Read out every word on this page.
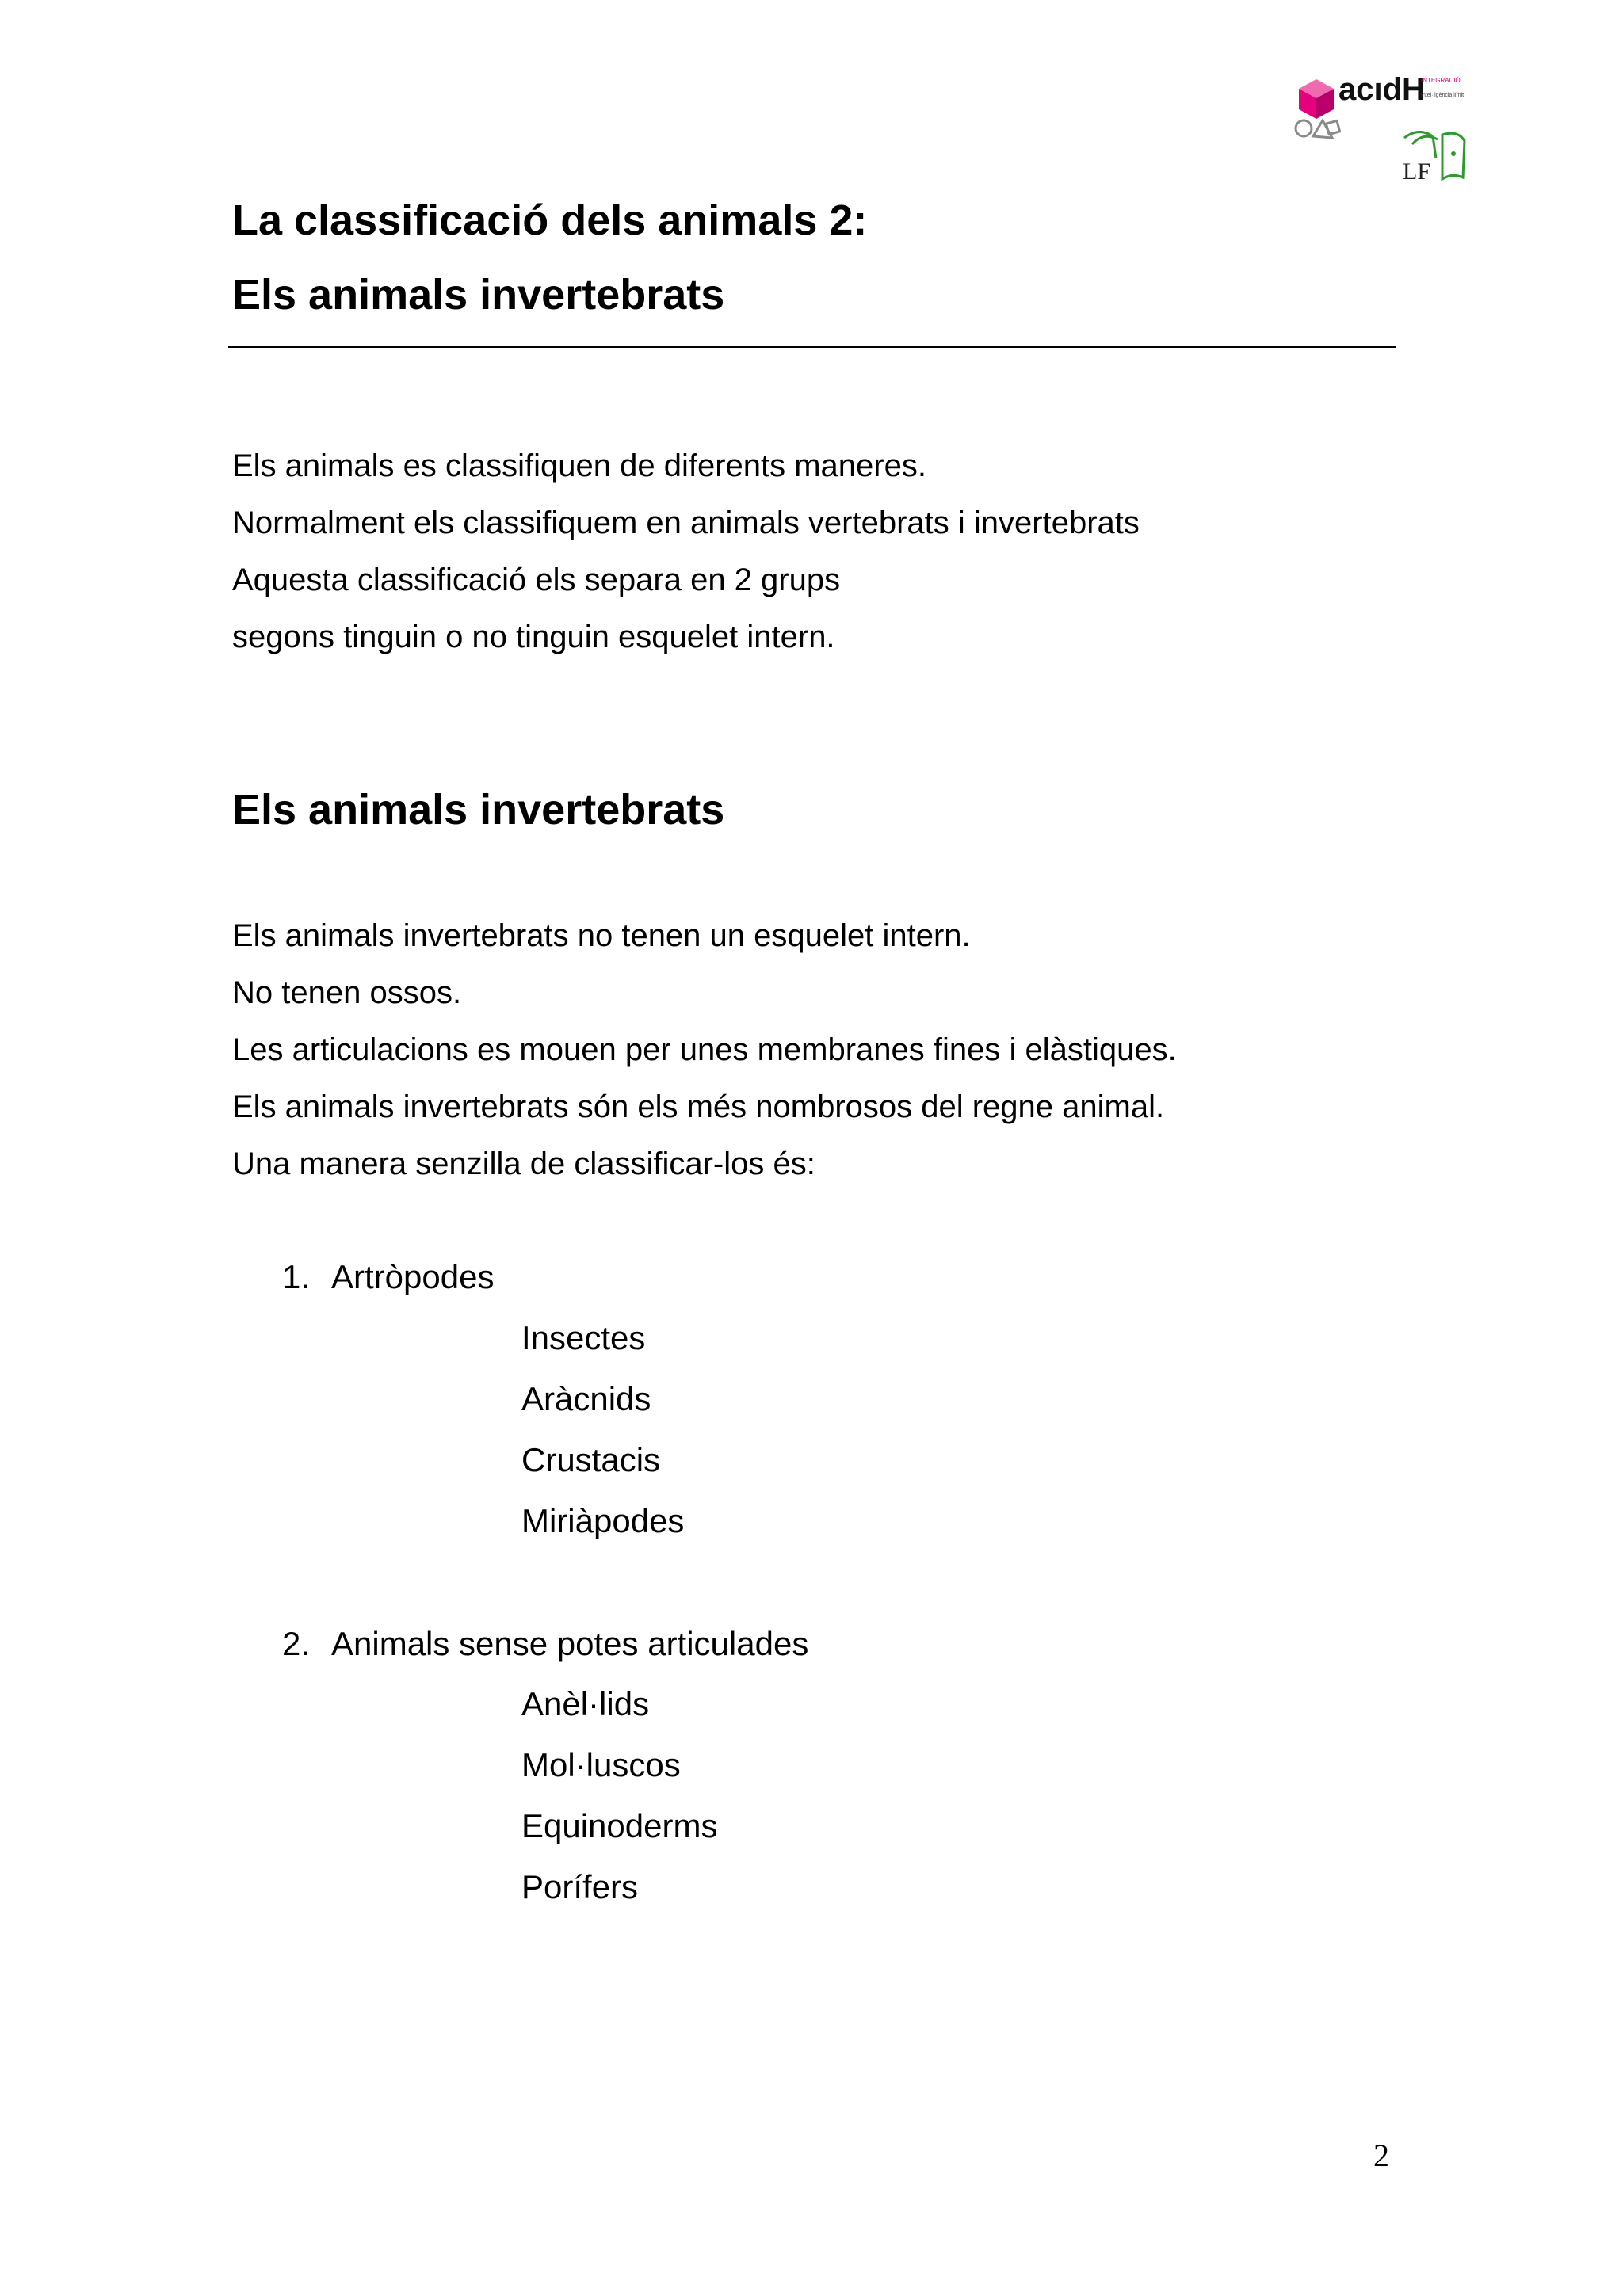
acıdH
INTEGRACIÓ
Intel·ligència límit
LF
La classificació dels animals 2:
Els animals invertebrats
Els animals es classifiquen de diferents maneres.
Normalment els classifiquem en animals vertebrats i invertebrats
Aquesta classificació els separa en 2 grups
segons tinguin o no tinguin esquelet intern.
Els animals invertebrats
Els animals invertebrats no tenen un esquelet intern.
No tenen ossos.
Les articulacions es mouen per unes membranes fines i elàstiques.
Els animals invertebrats són els més nombrosos del regne animal.
Una manera senzilla de classificar-los és:
1. Artròpodes
Insectes
Aràcnids
Crustacis
Miriàpodes
2. Animals sense potes articulades
Anèl·lids
Mol·luscos
Equinoderms
Porífers
2
